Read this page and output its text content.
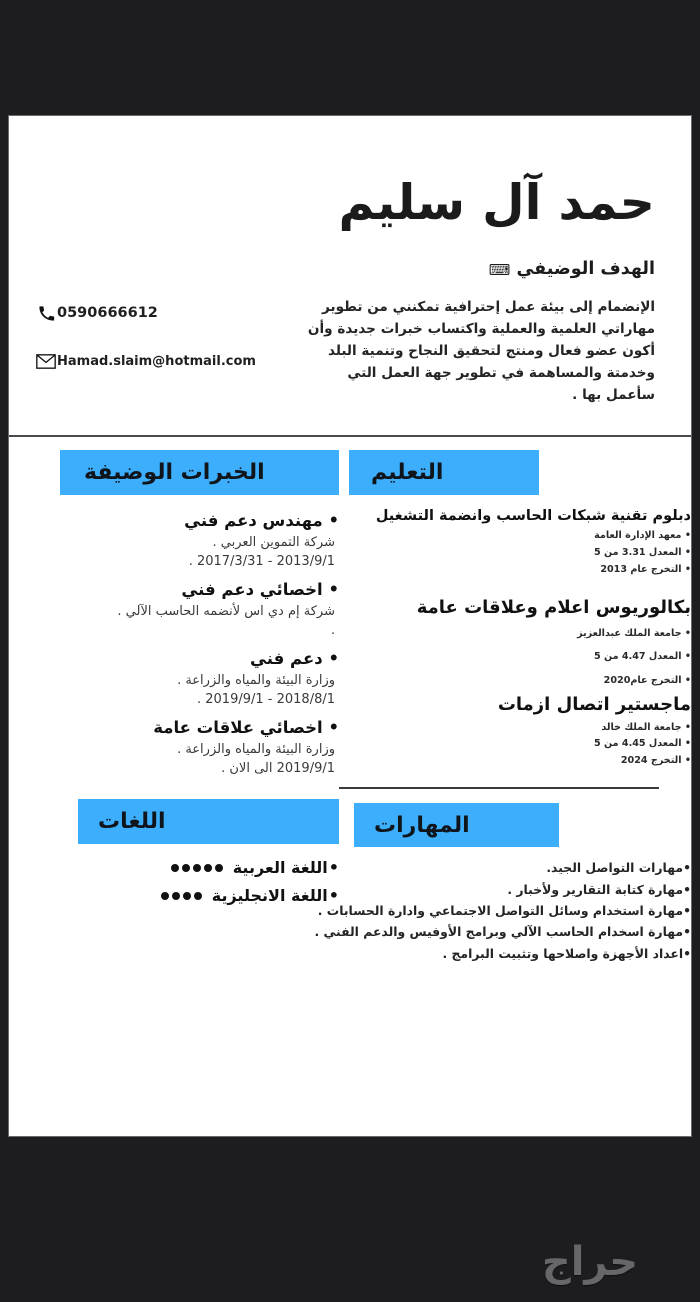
حمد آل سليم
الهدف الوضيفي⌨
الإنضمام إلى بيئة عمل إحترافية تمكنني من تطوير مهاراتي العلمية والعملية واكتساب خبرات جديدة وأن أكون عضو فعال ومنتج لتحقيق النجاح وتنمية البلد وخدمتة والمساهمة في تطوير جهة العمل التي سأعمل بها .
0590666612
Hamad.slaim@hotmail.com
الخبرات الوضيفة
• مهندس دعم فني
شركة التموين العربي .
2013/9/1 - 2017/3/31 .
• اخصائي دعم فني
شركة إم دي اس لأنضمه الحاسب الآلي .
.
• دعم فني
وزارة البيئة والمياه والزراعة .
2018/8/1 - 2019/9/1 .
• اخصائي علاقات عامة
وزارة البيئة والمياه والزراعة .
2019/9/1 الى الان .
اللغات
•
اللغة العربية
•
اللغة الانجليزية
التعليم
دبلوم تقنية شبكات الحاسب وانضمة التشغيل
• معهد الإدارة العامة
• المعدل 3.31 من 5
• التخرج عام 2013
بكالوريوس اعلام وعلاقات عامة
• جامعة الملك عبدالعزيز
• المعدل 4.47 من 5
• التخرج عام2020
ماجستير اتصال ازمات
• جامعة الملك خالد
• المعدل 4.45 من 5
• التخرج 2024
المهارات
• مهارات التواصل الجيد.
• مهارة كتابة التقارير ولأخبار .
• مهارة استخدام وسائل التواصل الاجتماعي وادارة الحسابات .
• مهارة اسخدام الحاسب الآلي وبرامج الأوفيس والدعم الفني .
• اعداد الأجهزة واصلاحها وتثبيت البرامج .
حراج
